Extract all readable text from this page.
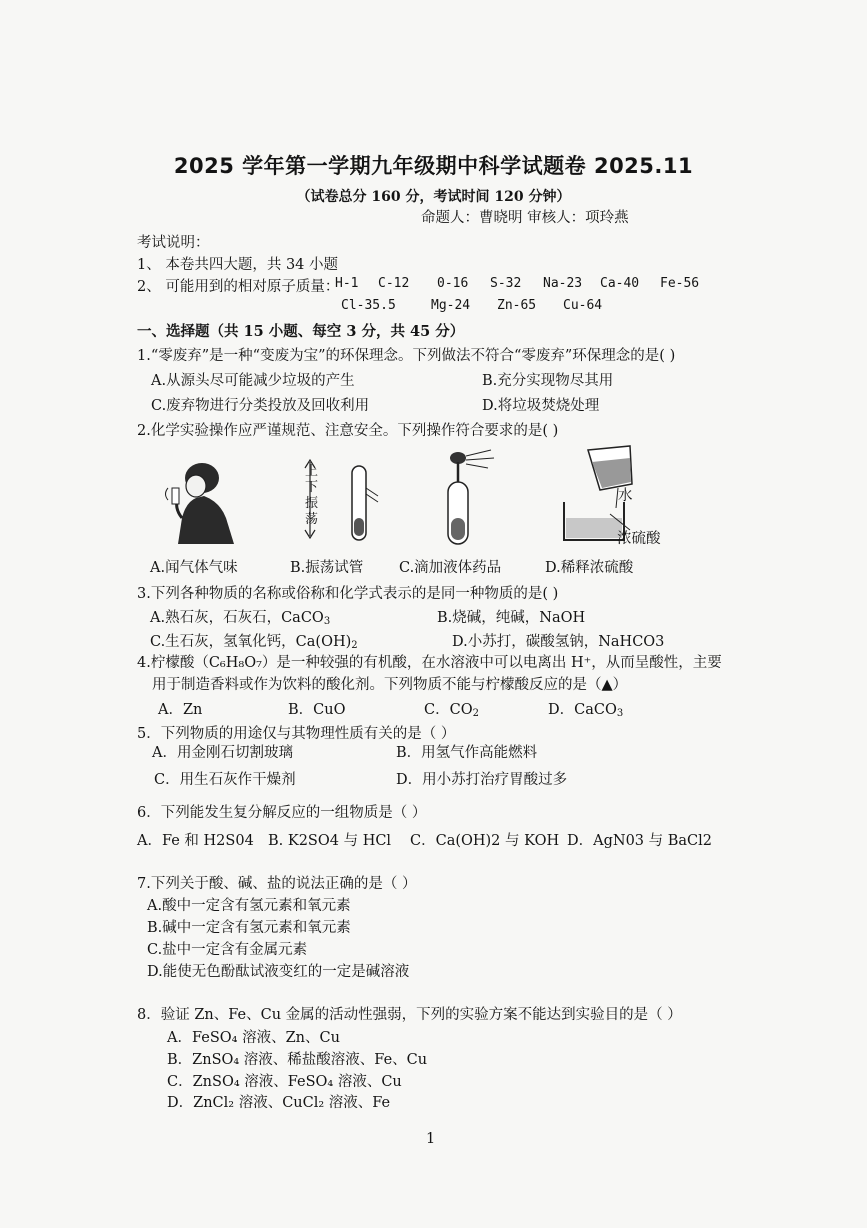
2025 学年第一学期九年级期中科学试题卷 2025.11
（试卷总分 160 分，考试时间 120 分钟）
命题人：曹晓明 审核人：项玲燕
考试说明：
1、 本卷共四大题，共 34 小题
2、 可能用到的相对原子质量：
H-1 C-12 0-16 S-32 Na-23 Ca-40 Fe-56
Cl-35.5	Mg-24 Zn-65 Cu-64
一、选择题（共 15 小题、每空 3 分，共 45 分）
1.“零废弃”是一种“变废为宝”的环保理念。下列做法不符合“零废弃”环保理念的是( )
A.从源头尽可能减少垃圾的产生	B.充分实现物尽其用
C.废弃物进行分类投放及回收利用	D.将垃圾焚烧处理
2.化学实验操作应严谨规范、注意安全。下列操作符合要求的是( )
上下振荡
水
浓硫酸
A.闻气体气味	B.振荡试管 C.滴加液体药品	D.稀释浓硫酸
3.下列各种物质的名称或俗称和化学式表示的是同一种物质的是( )
A.熟石灰，石灰石，CaCO$_3$	B.烧碱，纯碱，NaOH
C.生石灰，氢氧化钙，$Ca(OH)_2$	D.小苏打，碳酸氢钠，NaHCO3
4.柠檬酸（C₆H₈O₇）是一种较强的有机酸，在水溶液中可以电离出 H⁺，从而呈酸性，主要
用于制造香料或作为饮料的酸化剂。下列物质不能与柠檬酸反应的是（▲）
A．Zn	B．CuO	C．$CO_2$	D．CaCO$_3$
5．下列物质的用途仅与其物理性质有关的是（ ）
A．用金刚石切割玻璃	B．用氢气作高能燃料
C．用生石灰作干燥剂	D．用小苏打治疗胃酸过多
6．下列能发生复分解反应的一组物质是（ ）
A．Fe 和 H2S04 B. K2SO4 与 HCl C．Ca(OH)2 与 KOH D．AgN03 与 BaCl2
7.下列关于酸、碱、盐的说法正确的是（ ）
A.酸中一定含有氢元素和氧元素
B.碱中一定含有氢元素和氧元素
C.盐中一定含有金属元素
D.能使无色酚酞试液变红的一定是碱溶液
8．验证 Zn、Fe、Cu 金属的活动性强弱，下列的实验方案不能达到实验目的是（ ）
A．FeSO₄ 溶液、Zn、Cu
B．ZnSO₄ 溶液、稀盐酸溶液、Fe、Cu
C．ZnSO₄ 溶液、FeSO₄ 溶液、Cu
D．ZnCl₂ 溶液、CuCl₂ 溶液、Fe
1
